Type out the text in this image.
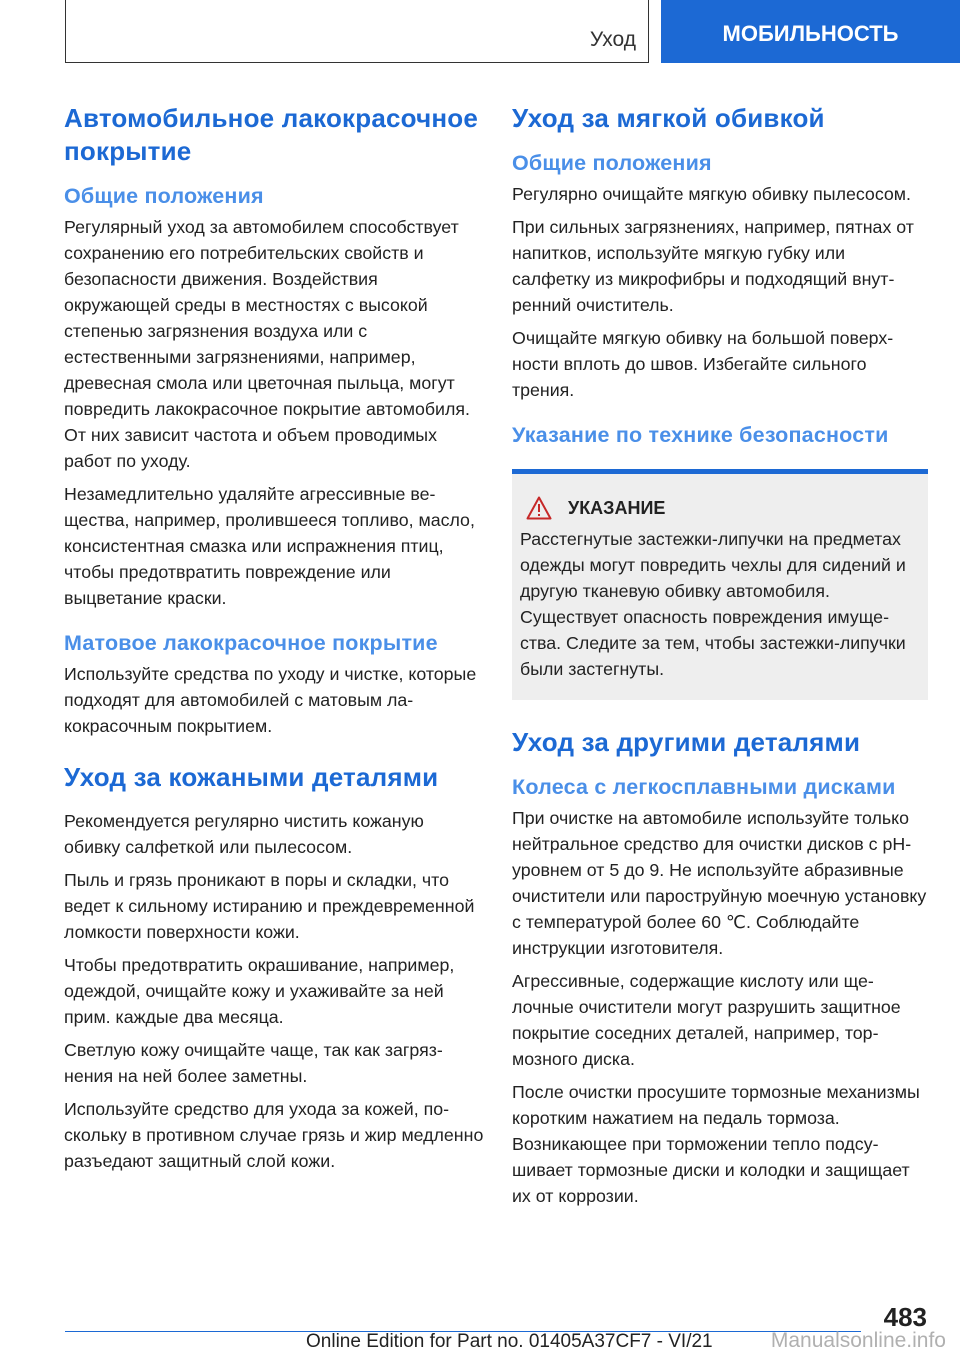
Уход	МОБИЛЬНОСТЬ
Автомобильное лакокрасочное покрытие
Общие положения

Регулярный уход за автомобилем способствует сохранению его потребительских свойств и безопасности движения. Воздействия окружающей среды в местностях с высокой степенью загрязнения воздуха или с естественными загрязнениями, например, древесная смола или цветочная пыльца, могут повредить лакокрасочное покрытие автомобиля. От них зависит частота и объем проводимых работ по уходу.

Незамедлительно удаляйте агрессивные вещества, например, пролившееся топливо, масло, консистентная смазка или испражнения птиц, чтобы предотвратить повреждение или выцветание краски.

Матовое лакокрасочное покрытие

Используйте средства по уходу и чистке, которые подходят для автомобилей с матовым лакокрасочным покрытием.

Уход за кожаными деталями

Рекомендуется регулярно чистить кожаную обивку салфеткой или пылесосом.

Пыль и грязь проникают в поры и складки, что ведет к сильному истиранию и преждевременной ломкости поверхности кожи.

Чтобы предотвратить окрашивание, например, одеждой, очищайте кожу и ухаживайте за ней прим. каждые два месяца.

Светлую кожу очищайте чаще, так как загрязнения на ней более заметны.

Используйте средство для ухода за кожей, поскольку в противном случае грязь и жир медленно разъедают защитный слой кожи.

Уход за мягкой обивкой
Общие положения

Регулярно очищайте мягкую обивку пылесосом.

При сильных загрязнениях, например, пятнах от напитков, используйте мягкую губку или салфетку из микрофибры и подходящий внутренний очиститель.

Очищайте мягкую обивку на большой поверхности вплоть до швов. Избегайте сильного трения.

Указание по технике безопасности
УКАЗАНИЕ

Расстегнутые застежки-липучки на предметах одежды могут повредить чехлы для сидений и другую тканевую обивку автомобиля. Существует опасность повреждения имущества. Следите за тем, чтобы застежки-липучки были застегнуты.

Уход за другими деталями
Колеса с легкосплавными дисками

При очистке на автомобиле используйте только нейтральное средство для очистки дисков с pH-уровнем от 5 до 9. Не используйте абразивные очистители или пароструйную моечную установку с температурой более 60 ℃. Соблюдайте инструкции изготовителя.

Агрессивные, содержащие кислоту или щелочные очистители могут разрушить защитное покрытие соседних деталей, например, тормозного диска.

После очистки просушите тормозные механизмы коротким нажатием на педаль тормоза. Возникающее при торможении тепло подсушивает тормозные диски и колодки и защищает их от коррозии.

483
Online Edition for Part no. 01405A37CF7 - VI/21	Manualsonline.info
